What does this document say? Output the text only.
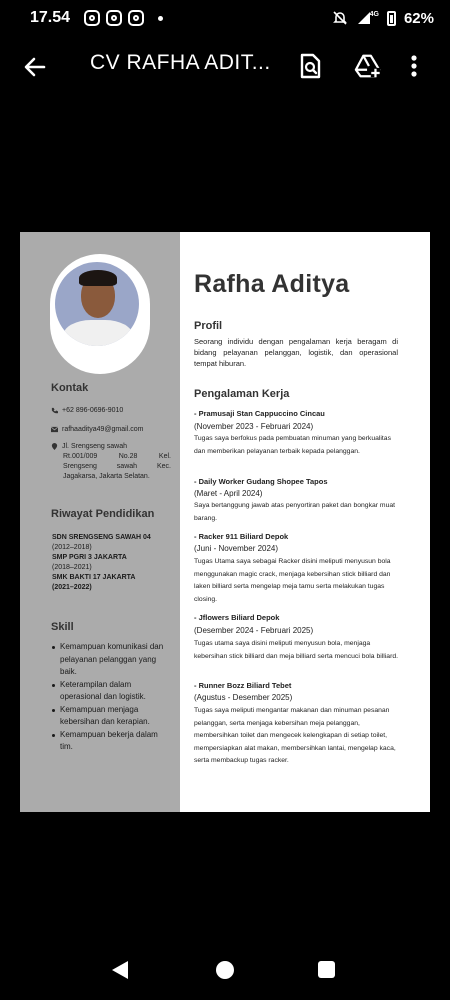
17.54	4G 62%
CV RAFHA ADIT...
Kontak
+62 896-0696-9010
rafhaaditya49@gmail.com
Jl. Srengseng sawah
Rt.001/009 No.28 Kel.
Srengseng sawah Kec.
Jagakarsa, Jakarta Selatan.
Riwayat Pendidikan
SDN SRENGSENG SAWAH 04
(2012–2018)
SMP PGRI 3 JAKARTA
(2018–2021)
SMK BAKTI 17 JAKARTA
(2021–2022)
Skill
Kemampuan komunikasi dan pelayanan pelanggan yang baik.
Keterampilan dalam operasional dan logistik.
Kemampuan menjaga kebersihan dan kerapian.
Kemampuan bekerja dalam tim.
Rafha Aditya
Profil
Seorang individu dengan pengalaman kerja beragam di bidang pelayanan pelanggan, logistik, dan operasional tempat hiburan.
Pengalaman Kerja
- Pramusaji Stan Cappuccino Cincau
(November 2023 - Februari 2024)
Tugas saya berfokus pada pembuatan minuman yang berkualitas dan memberikan pelayanan terbaik kepada pelanggan.
- Daily Worker Gudang Shopee Tapos
(Maret - April 2024)
Saya bertanggung jawab atas penyortiran paket dan bongkar muat barang.
- Racker 911 Biliard Depok
(Juni - November 2024)
Tugas Utama saya sebagai Racker disini meliputi menyusun bola menggunakan magic crack, menjaga kebersihan stick billiard dan laken billiard serta mengelap meja tamu serta melakukan tugas closing.
- Jflowers Biliard Depok
(Desember 2024 - Februari 2025)
Tugas utama saya disini meliputi menyusun bola, menjaga kebersihan stick billiard dan meja billiard serta mencuci bola billiard.
- Runner Bozz Biliard Tebet
(Agustus - Desember 2025)
Tugas saya meliputi mengantar makanan dan minuman pesanan pelanggan, serta menjaga kebersihan meja pelanggan, membersihkan toilet dan mengecek kelengkapan di setiap toilet, mempersiapkan alat makan, membersihkan lantai, mengelap kaca, serta membackup tugas racker.
